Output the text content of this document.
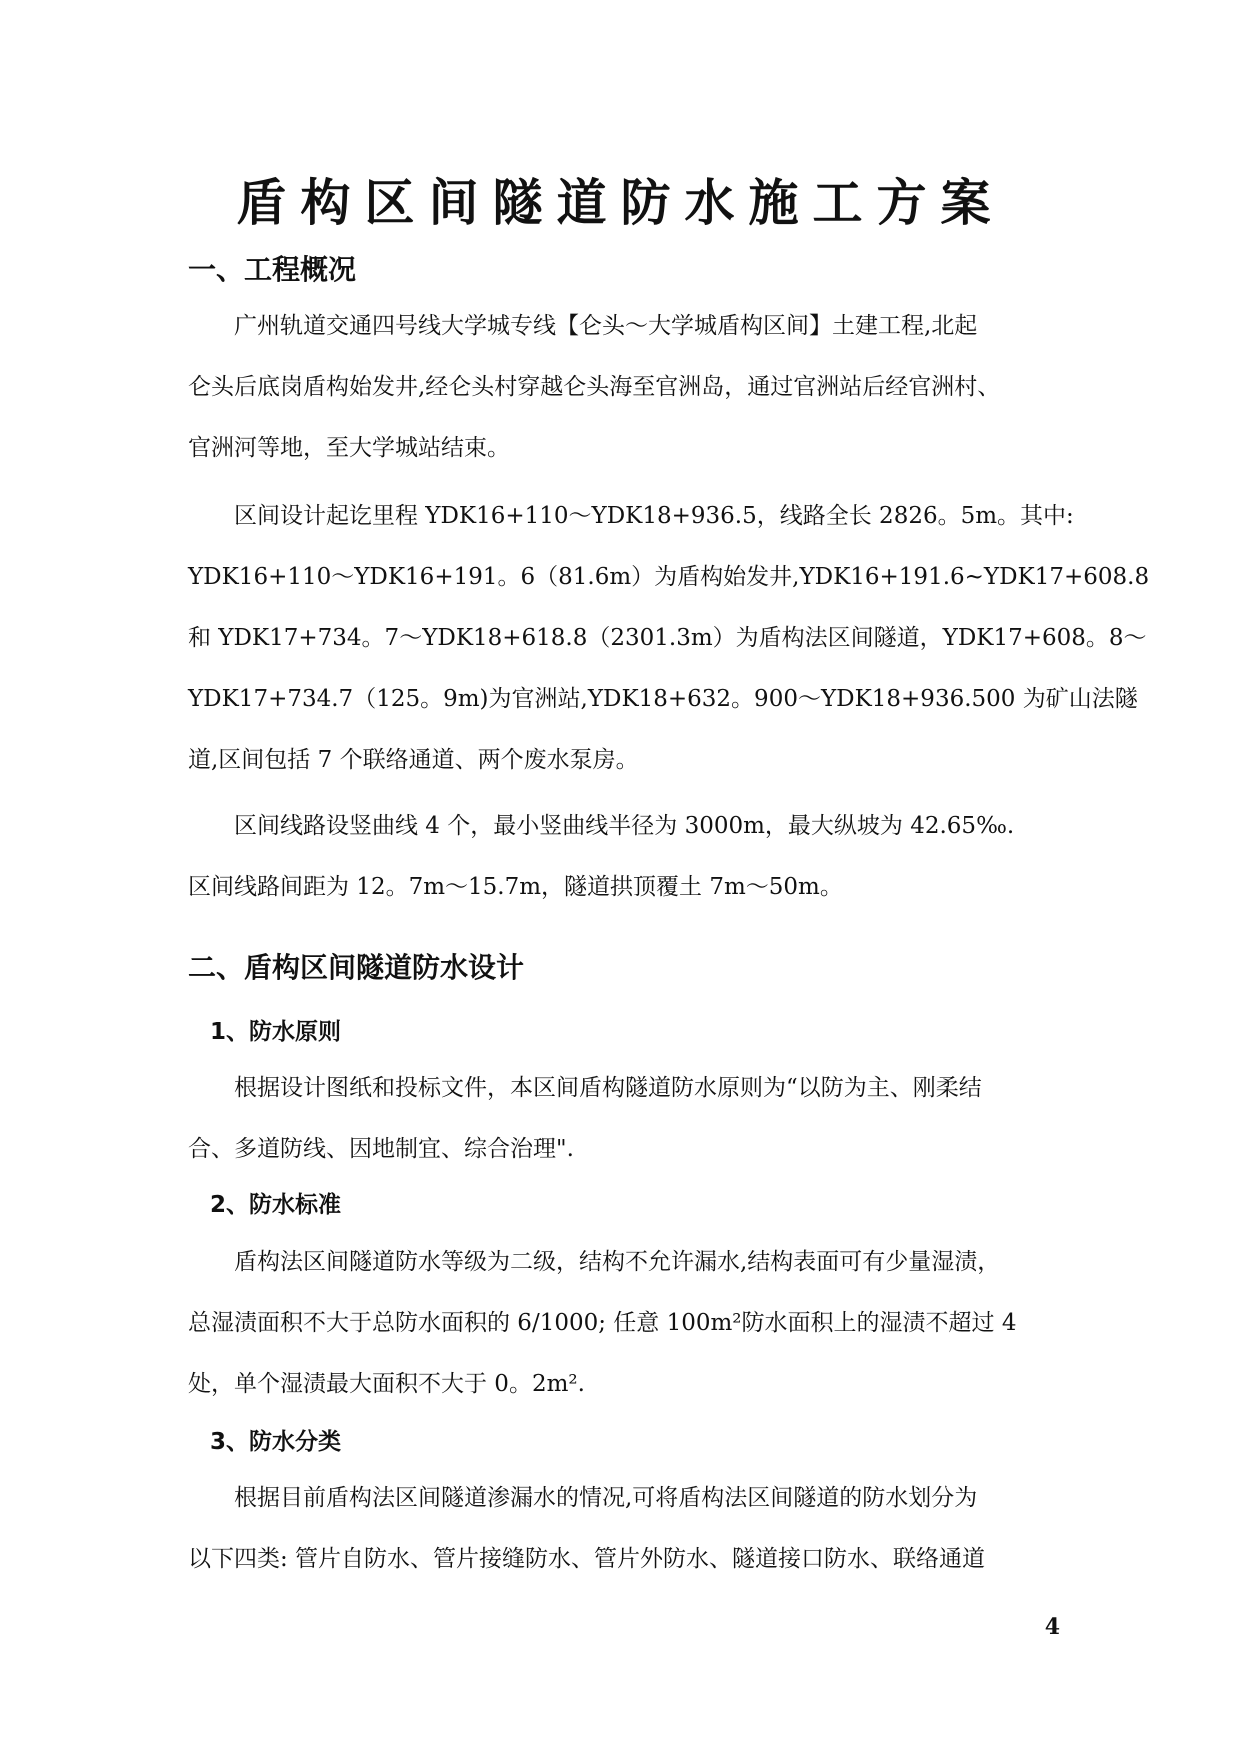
盾构区间隧道防水施工方案
一、工程概况
　　广州轨道交通四号线大学城专线【仑头～大学城盾构区间】土建工程,北起
仑头后底岗盾构始发井,经仑头村穿越仑头海至官洲岛，通过官洲站后经官洲村、
官洲河等地，至大学城站结束。
　　区间设计起讫里程 YDK16+110～YDK18+936.5，线路全长 2826。5m。其中:
YDK16+110～YDK16+191。6（81.6m）为盾构始发井,YDK16+191.6~YDK17+608.8
和 YDK17+734。7～YDK18+618.8（2301.3m）为盾构法区间隧道，YDK17+608。8～
YDK17+734.7（125。9m)为官洲站,YDK18+632。900～YDK18+936.500 为矿山法隧
道,区间包括 7 个联络通道、两个废水泵房。
　　区间线路设竖曲线 4 个，最小竖曲线半径为 3000m，最大纵坡为 42.65‰.
区间线路间距为 12。7m～15.7m，隧道拱顶覆土 7m～50m。
二、盾构区间隧道防水设计
1、防水原则
　　根据设计图纸和投标文件，本区间盾构隧道防水原则为“以防为主、刚柔结
合、多道防线、因地制宜、综合治理".
2、防水标准
　　盾构法区间隧道防水等级为二级，结构不允许漏水,结构表面可有少量湿渍，
总湿渍面积不大于总防水面积的 6/1000; 任意 100m²防水面积上的湿渍不超过 4
处，单个湿渍最大面积不大于 0。2m².
3、防水分类
　　根据目前盾构法区间隧道渗漏水的情况,可将盾构法区间隧道的防水划分为
以下四类: 管片自防水、管片接缝防水、管片外防水、隧道接口防水、联络通道
4
